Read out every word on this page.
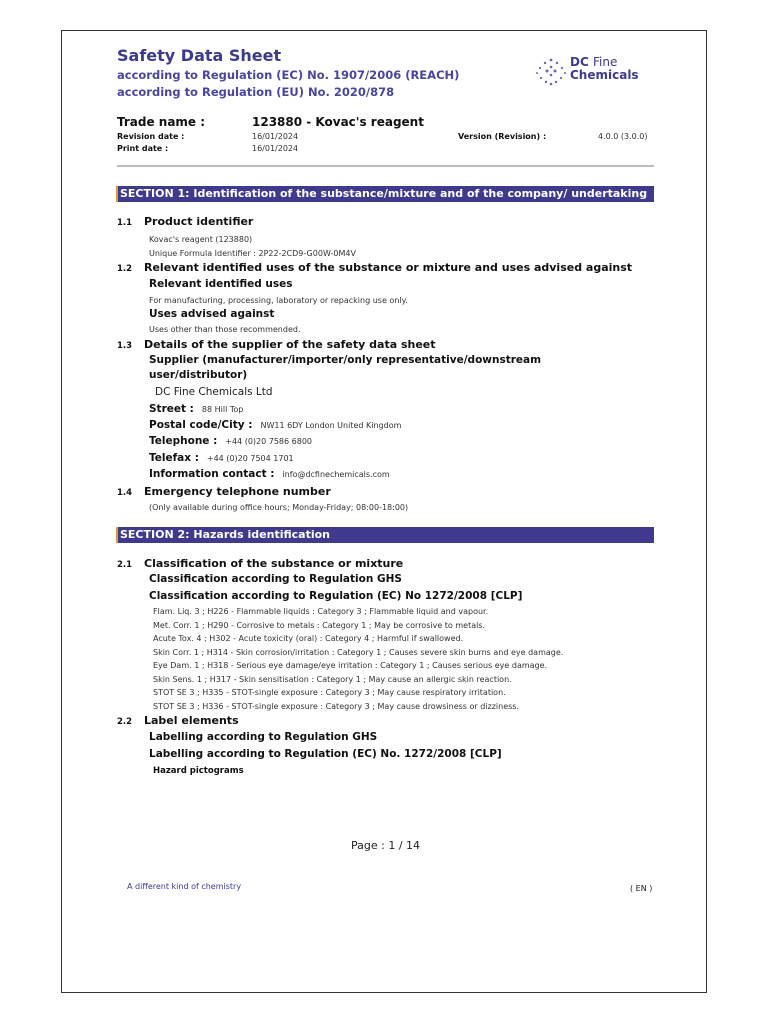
Safety Data Sheet
according to Regulation (EC) No. 1907/2006 (REACH)
according to Regulation (EU) No. 2020/878
DC Fine
Chemicals
Trade name :	123880 - Kovac's reagent
Revision date :	16/01/2024
Print date :	16/01/2024
Version (Revision) :	4.0.0 (3.0.0)
SECTION 1: Identification of the substance/mixture and of the company/ undertaking
1.1 Product identifier
Kovac's reagent (123880)
Unique Formula Identifier : 2P22-2CD9-G00W-0M4V
1.2 Relevant identified uses of the substance or mixture and uses advised against
Relevant identified uses
For manufacturing, processing, laboratory or repacking use only.
Uses advised against
Uses other than those recommended.
1.3 Details of the supplier of the safety data sheet
Supplier (manufacturer/importer/only representative/downstream
user/distributor)
DC Fine Chemicals Ltd
Street : 88 Hill Top
Postal code/City : NW11 6DY London United Kingdom
Telephone : +44 (0)20 7586 6800
Telefax : +44 (0)20 7504 1701
Information contact : info@dcfinechemicals.com
1.4 Emergency telephone number
(Only available during office hours; Monday-Friday; 08:00-18:00)
SECTION 2: Hazards identification
2.1 Classification of the substance or mixture
Classification according to Regulation GHS
Classification according to Regulation (EC) No 1272/2008 [CLP]
Flam. Liq. 3 ; H226 - Flammable liquids : Category 3 ; Flammable liquid and vapour.
Met. Corr. 1 ; H290 - Corrosive to metals : Category 1 ; May be corrosive to metals.
Acute Tox. 4 ; H302 - Acute toxicity (oral) : Category 4 ; Harmful if swallowed.
Skin Corr. 1 ; H314 - Skin corrosion/irritation : Category 1 ; Causes severe skin burns and eye damage.
Eye Dam. 1 ; H318 - Serious eye damage/eye irritation : Category 1 ; Causes serious eye damage.
Skin Sens. 1 ; H317 - Skin sensitisation : Category 1 ; May cause an allergic skin reaction.
STOT SE 3 ; H335 - STOT-single exposure : Category 3 ; May cause respiratory irritation.
STOT SE 3 ; H336 - STOT-single exposure : Category 3 ; May cause drowsiness or dizziness.
2.2 Label elements
Labelling according to Regulation GHS
Labelling according to Regulation (EC) No. 1272/2008 [CLP]
Hazard pictograms
Page : 1 / 14
A different kind of chemistry	( EN )
